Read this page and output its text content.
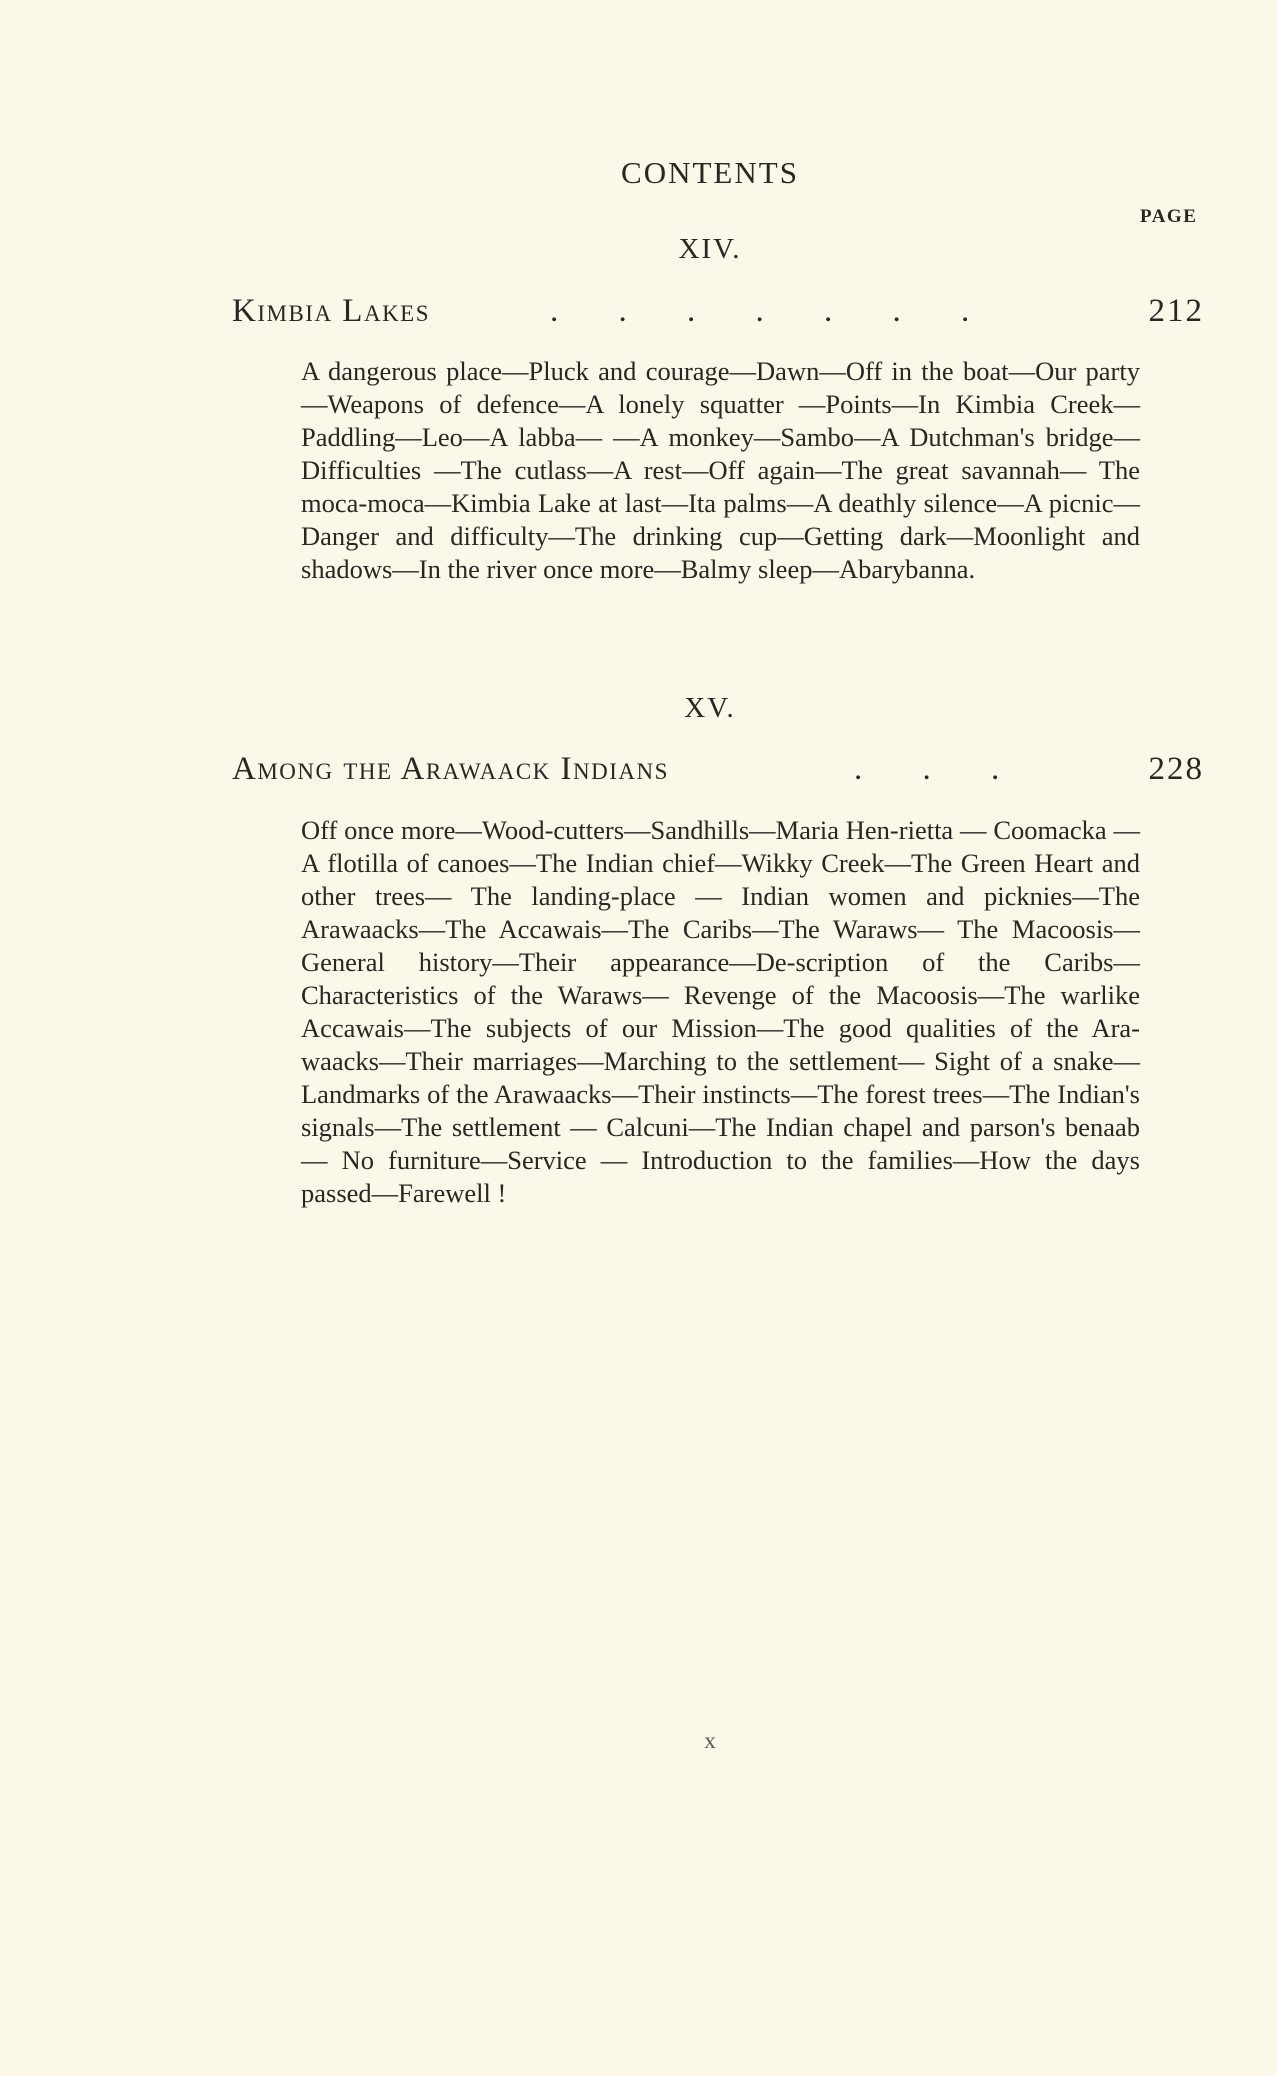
CONTENTS
PAGE
XIV.
Kimbia Lakes	. . . . . . .	212

A dangerous place—Pluck and courage—Dawn—Off in the boat—Our party—Weapons of defence—A lonely squatter —Points—In Kimbia Creek—Paddling—Leo—A labba— —A monkey—Sambo—A Dutchman's bridge—Difficulties —The cutlass—A rest—Off again—The great savannah— The moca-moca—Kimbia Lake at last—Ita palms—A deathly silence—A picnic—Danger and difficulty—The drinking cup—Getting dark—Moonlight and shadows—In the river once more—Balmy sleep—Abarybanna.

XV.
Among the Arawaack Indians	. . .	228

Off once more—Wood-cutters—Sandhills—Maria Hen-rietta — Coomacka — A flotilla of canoes—The Indian chief—Wikky Creek—The Green Heart and other trees— The landing-place — Indian women and picknies—The Arawaacks—The Accawais—The Caribs—The Waraws— The Macoosis—General history—Their appearance—De-scription of the Caribs—Characteristics of the Waraws— Revenge of the Macoosis—The warlike Accawais—The subjects of our Mission—The good qualities of the Ara-waacks—Their marriages—Marching to the settlement— Sight of a snake—Landmarks of the Arawaacks—Their instincts—The forest trees—The Indian's signals—The settlement — Calcuni—The Indian chapel and parson's benaab — No furniture—Service — Introduction to the families—How the days passed—Farewell !

x
